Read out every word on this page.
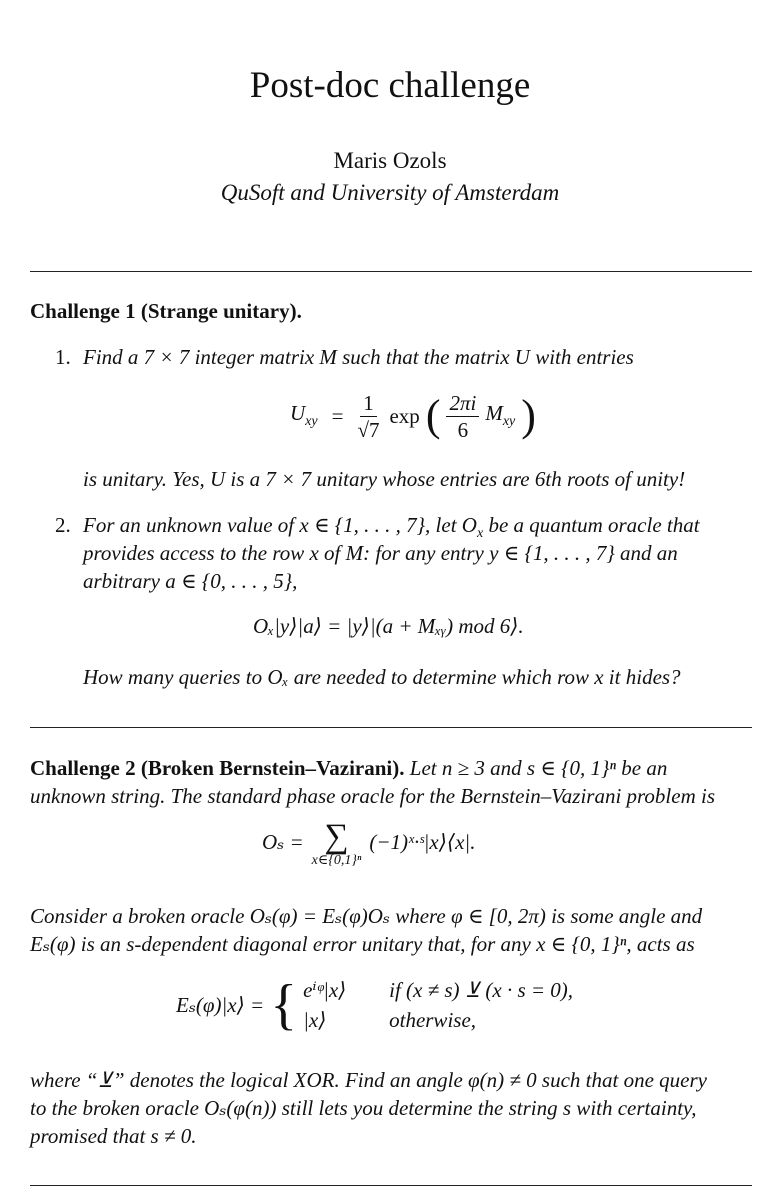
Post-doc challenge
Maris Ozols
QuSoft and University of Amsterdam
Challenge 1 (Strange unitary).
1. Find a 7 × 7 integer matrix M such that the matrix U with entries
$U_{xy} = \frac{1}{√7}$ exp ( $\frac{2\pi i}{6} M_{xy}$ )
is unitary. Yes, U is a 7 × 7 unitary whose entries are 6th roots of unity!
2. For an unknown value of x ∈ {1, . . . , 7}, let $O_x$ be a quantum oracle that
provides access to the row x of M: for any entry y ∈ {1, . . . , 7} and an
arbitrary a ∈ {0, . . . , 5},
Oₓ|y⟩|a⟩ = |y⟩|(a + Mₓᵧ) mod 6⟩.
How many queries to Oₓ are needed to determine which row x it hides?
Challenge 2 (Broken Bernstein–Vazirani). Let n ≥ 3 and s ∈ {0, 1}ⁿ be an
unknown string. The standard phase oracle for the Bernstein–Vazirani problem is
Oₛ = ∑
x∈{0,1}ⁿ
(−1)ˣ·ˢ|x⟩⟨x|.
Consider a broken oracle Oₛ(φ) = Eₛ(φ)Oₛ where φ ∈ [0, 2π) is some angle and
Eₛ(φ) is an s-dependent diagonal error unitary that, for any x ∈ {0, 1}ⁿ, acts as
Eₛ(φ)|x⟩ = { eⁱᵠ|x⟩ if (x ≠ s) ⊻ (x · s = 0),
|x⟩	otherwise,
where “⊻” denotes the logical XOR. Find an angle φ(n) ≠ 0 such that one query
to the broken oracle Oₛ(φ(n)) still lets you determine the string s with certainty,
promised that s ≠ 0.
